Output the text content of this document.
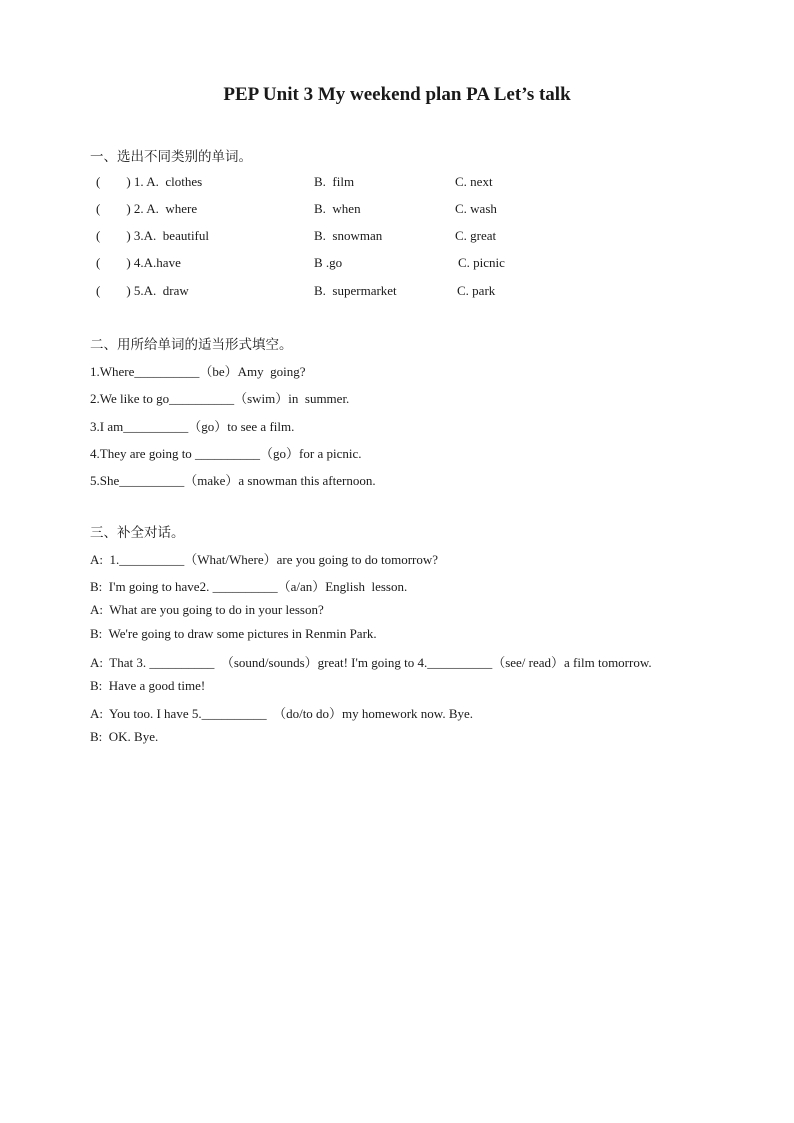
PEP Unit 3 My weekend plan PA Let’s talk
一、选出不同类别的单词。
(        ) 1. A.  clothes	B.  film	C. next
(        ) 2. A.  where	B.  when	C. wash
(        ) 3.A.  beautiful	B.  snowman	C. great
(        ) 4.A.have	B .go	C. picnic
(        ) 5.A.  draw	B.  supermarket	C. park
二、用所给单词的适当形式填空。
1.Where__________（be）Amy  going?
2.We like to go__________（swim）in  summer.
3.I am__________（go）to see a film.
4.They are going to __________（go）for a picnic.
5.She__________（make）a snowman this afternoon.
三、补全对话。
A:  1.__________（What/Where）are you going to do tomorrow?
B:  I'm going to have2. __________（a/an）English  lesson.
A:  What are you going to do in your lesson?
B:  We're going to draw some pictures in Renmin Park.
A:  That 3. __________  （sound/sounds）great! I'm going to 4.__________（see/ read）a film tomorrow.
B:  Have a good time!
A:  You too. I have 5.__________  （do/to do）my homework now. Bye.
B:  OK. Bye.
